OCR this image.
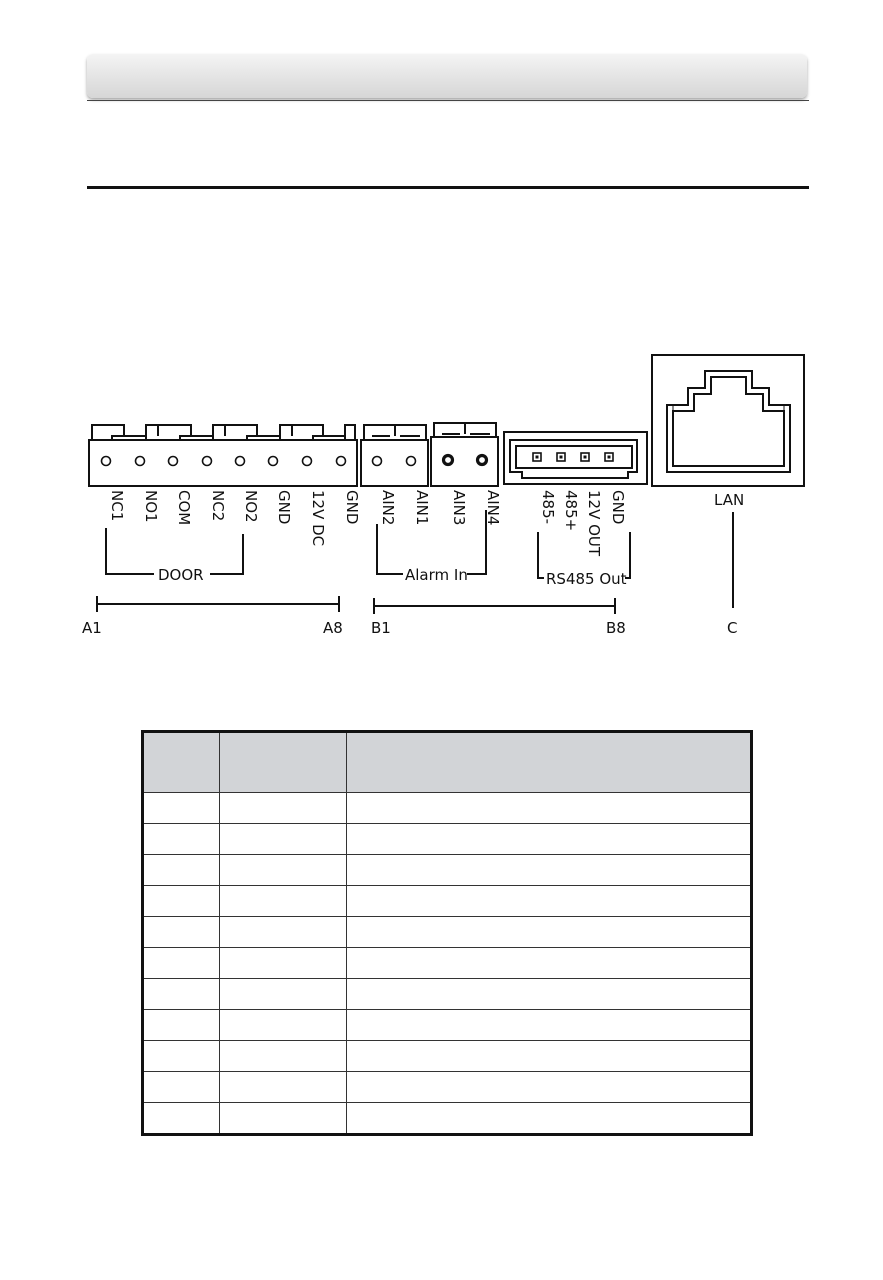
NC1 NO1 COM NC2 NO2 GND 12V DC GND AIN2 AIN1 AIN3 AIN4 485- 485+ 12V OUT GND	LAN
DOOR	Alarm In	RS485 Out
A1	A8 B1	B8	C
